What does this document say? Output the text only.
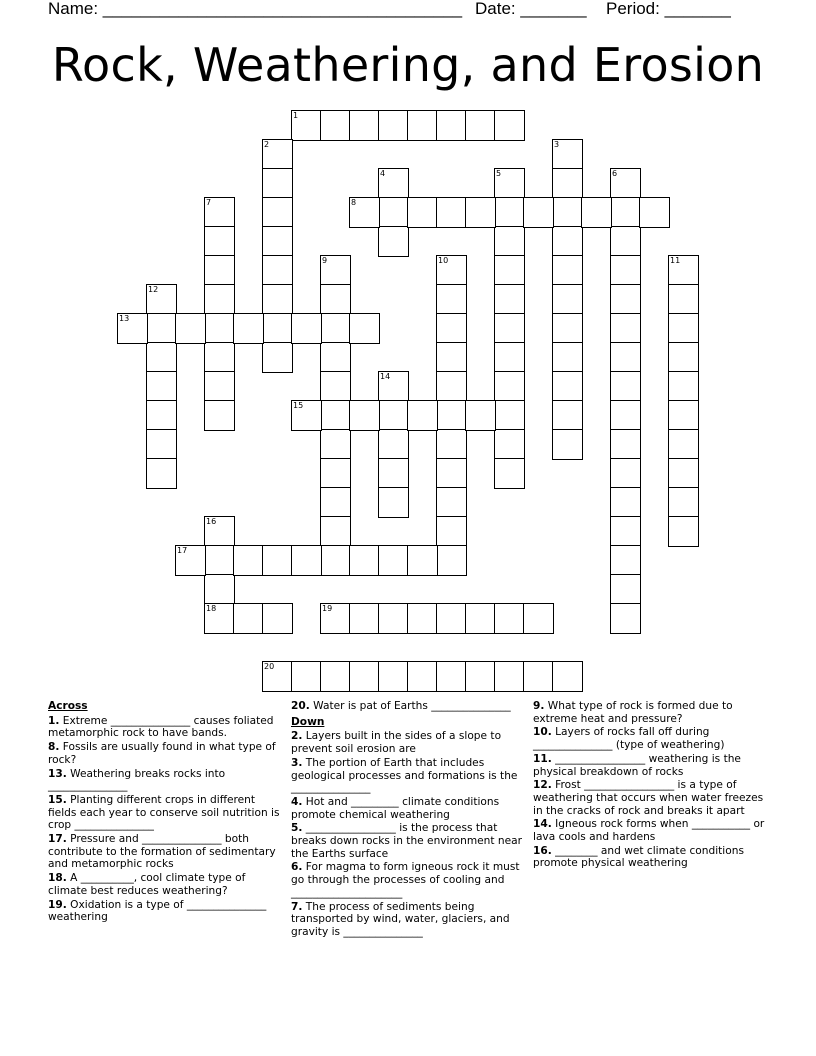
Name: ______________________________________ Date: _______ Period: _______
Rock, Weathering, and Erosion
1
2	3
4	5	6
7	8
9	10	11
12
13
14
15
16
18
17
19
20
Across
1. Extreme _______________ causes foliated metamorphic rock to have bands.
8. Fossils are usually found in what type of rock?
13. Weathering breaks rocks into _______________
15. Planting different crops in different fields each year to conserve soil nutrition is crop _______________
17. Pressure and _______________ both contribute to the formation of sedimentary and metamorphic rocks
18. A __________, cool climate type of climate best reduces weathering?
19. Oxidation is a type of _______________ weathering
20. Water is pat of Earths _______________
Down
2. Layers built in the sides of a slope to prevent soil erosion are
3. The portion of Earth that includes geological processes and formations is the _______________
4. Hot and _________ climate conditions promote chemical weathering
5. _________________ is the process that breaks down rocks in the environment near the Earths surface
6. For magma to form igneous rock it must go through the processes of cooling and _____________________
7. The process of sediments being transported by wind, water, glaciers, and gravity is _______________
9. What type of rock is formed due to extreme heat and pressure?
10. Layers of rocks fall off during _______________ (type of weathering)
11. _________________ weathering is the physical breakdown of rocks
12. Frost _________________ is a type of weathering that occurs when water freezes in the cracks of rock and breaks it apart
14. Igneous rock forms when ___________ or lava cools and hardens
16. ________ and wet climate conditions promote physical weathering
